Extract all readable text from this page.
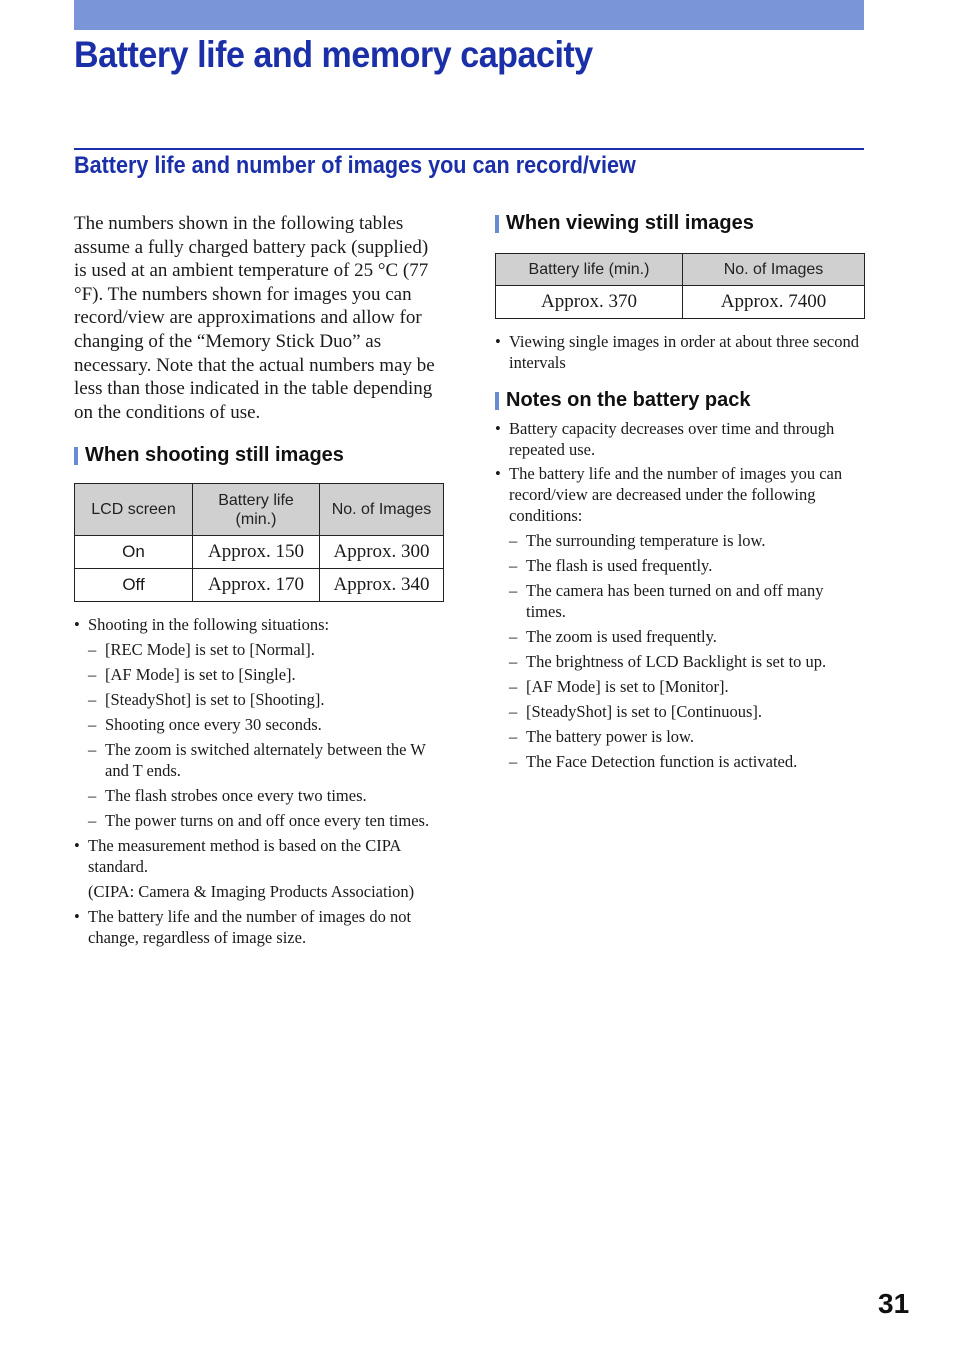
Battery life and memory capacity
Battery life and number of images you can record/view

The numbers shown in the following tables assume a fully charged battery pack (supplied) is used at an ambient temperature of 25 °C (77 °F). The numbers shown for images you can record/view are approximations and allow for changing of the “Memory Stick Duo” as necessary. Note that the actual numbers may be less than those indicated in the table depending on the conditions of use.

When shooting still images
LCD screen	Battery life (min.)	No. of Images
On	Approx. 150	Approx. 300
Off	Approx. 170	Approx. 340
• Shooting in the following situations:
– [REC Mode] is set to [Normal].
– [AF Mode] is set to [Single].
– [SteadyShot] is set to [Shooting].
– Shooting once every 30 seconds.
– The zoom is switched alternately between the W and T ends.
– The flash strobes once every two times.
– The power turns on and off once every ten times.
• The measurement method is based on the CIPA standard.

(CIPA: Camera & Imaging Products Association)

• The battery life and the number of images do not change, regardless of image size.
When viewing still images
Battery life (min.)	No. of Images
Approx. 370	Approx. 7400
• Viewing single images in order at about three second intervals
Notes on the battery pack
• Battery capacity decreases over time and through repeated use.
• The battery life and the number of images you can record/view are decreased under the following conditions:
– The surrounding temperature is low.
– The flash is used frequently.
– The camera has been turned on and off many times.
– The zoom is used frequently.
– The brightness of LCD Backlight is set to up.
– [AF Mode] is set to [Monitor].
– [SteadyShot] is set to [Continuous].
– The battery power is low.
– The Face Detection function is activated.
31
